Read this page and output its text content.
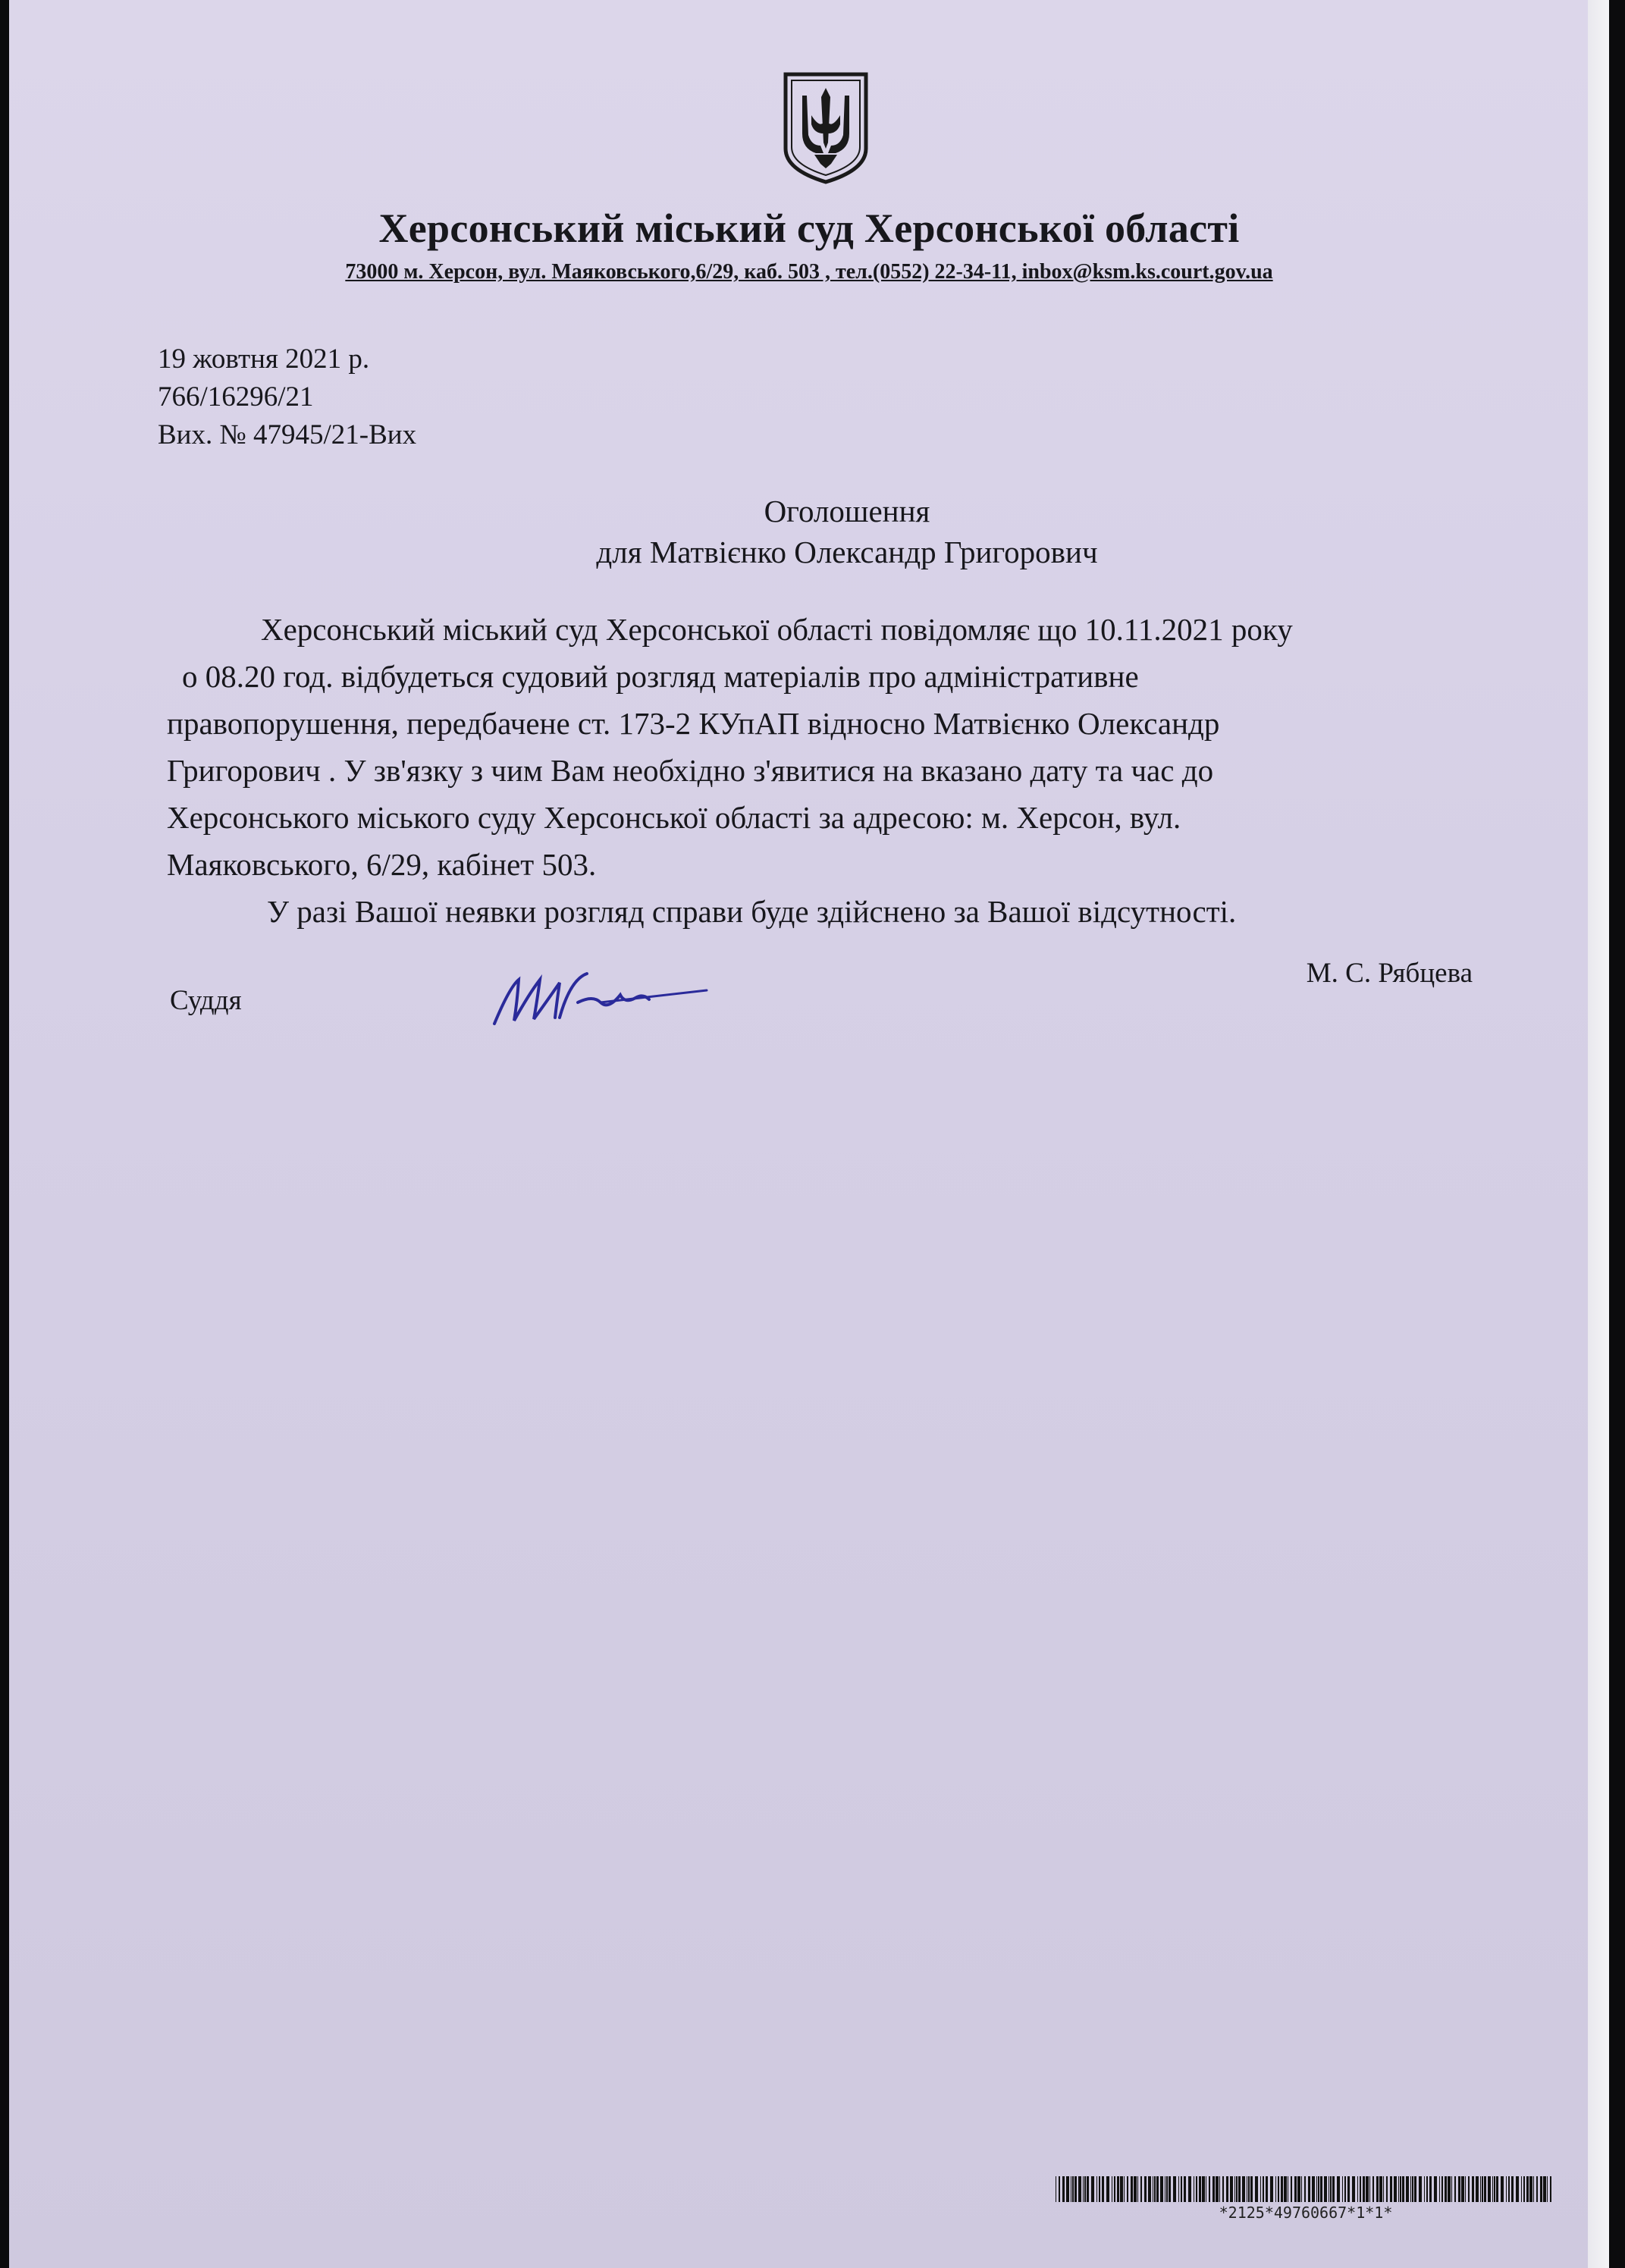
Херсонський міський суд Херсонської області
73000 м. Херсон, вул. Маяковського,6/29, каб. 503 , тел.(0552) 22-34-11, inbox@ksm.ks.court.gov.ua
19 жовтня 2021 р.
766/16296/21
Вих. № 47945/21-Вих
Оголошення
для Матвієнко Олександр Григорович
Херсонський міський суд Херсонської області повідомляє що 10.11.2021 року
о 08.20 год. відбудеться судовий розгляд матеріалів про адміністративне
правопорушення, передбачене ст. 173-2 КУпАП відносно Матвієнко Олександр
Григорович . У зв'язку з чим Вам необхідно з'явитися на вказано дату та час до
Херсонського міського суду Херсонської області за адресою: м. Херсон, вул.
Маяковського, 6/29, кабінет 503.
У разі Вашої неявки розгляд справи буде здійснено за Вашої відсутності.
Суддя
М. С. Рябцева
*2125*49760667*1*1*
